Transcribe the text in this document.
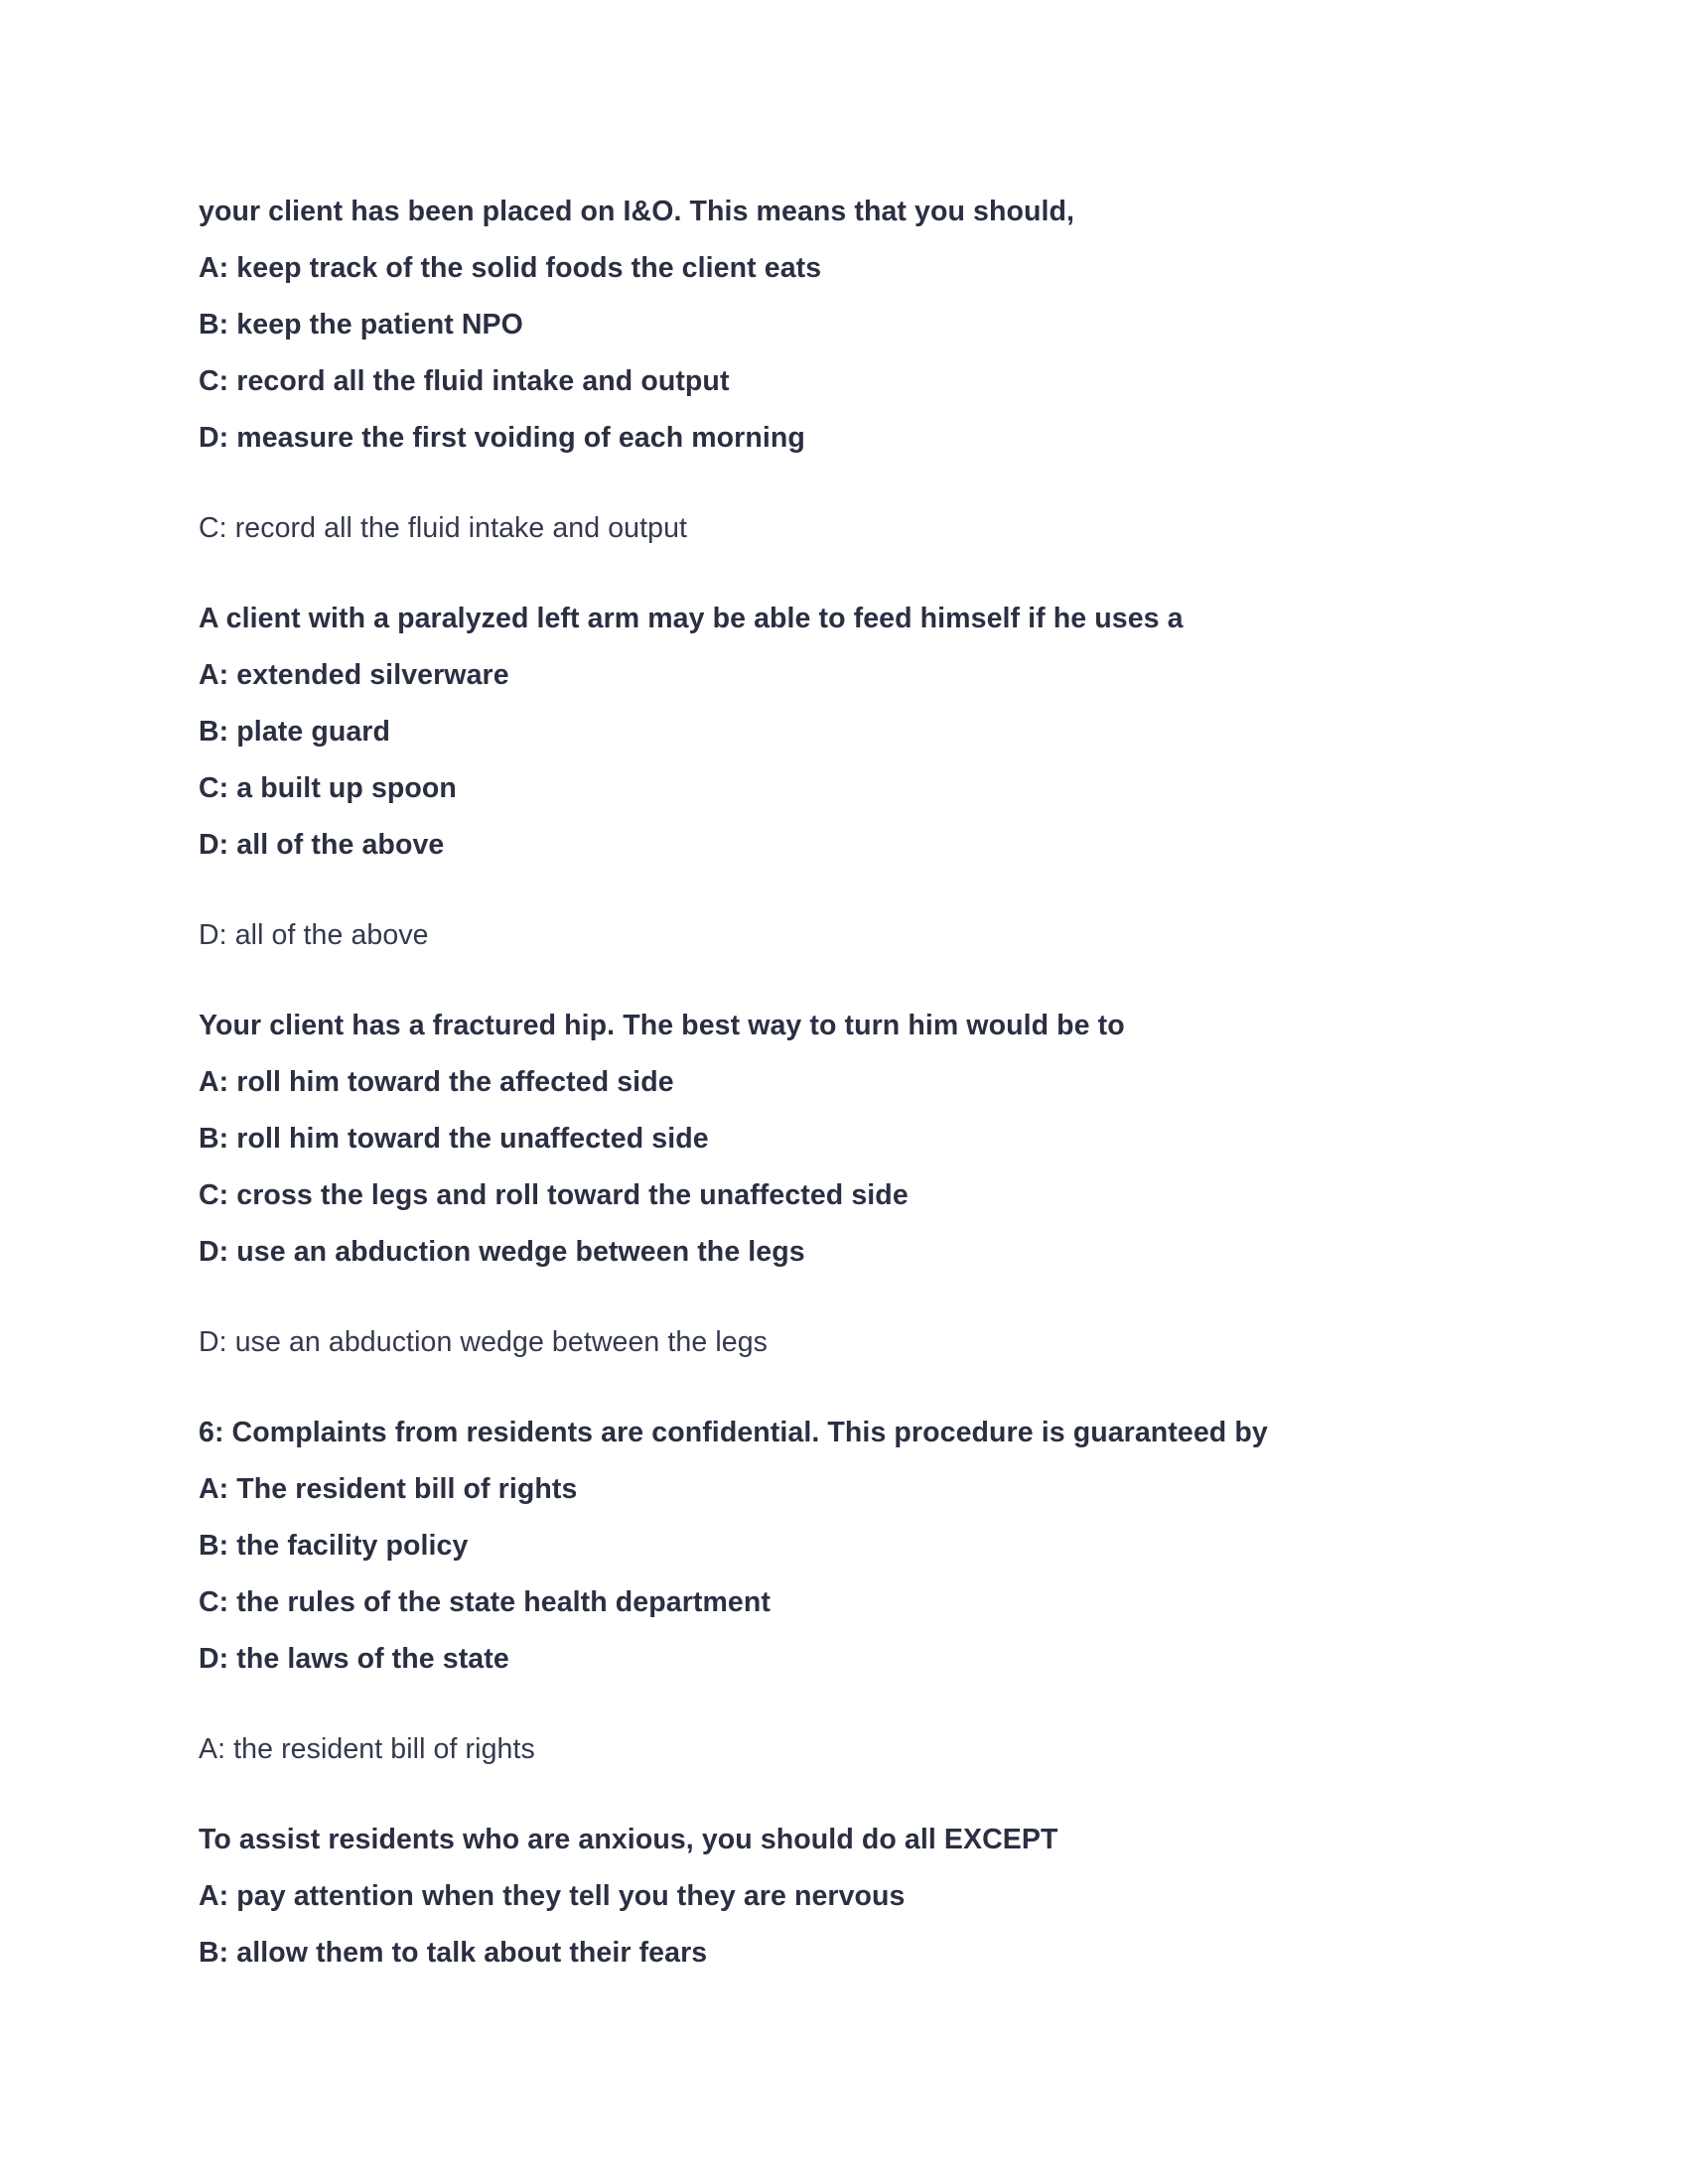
your client has been placed on I&O. This means that you should,
A: keep track of the solid foods the client eats
B: keep the patient NPO
C: record all the fluid intake and output
D: measure the first voiding of each morning
C: record all the fluid intake and output
A client with a paralyzed left arm may be able to feed himself if he uses a
A: extended silverware
B: plate guard
C: a built up spoon
D: all of the above
D: all of the above
Your client has a fractured hip. The best way to turn him would be to
A: roll him toward the affected side
B: roll him toward the unaffected side
C: cross the legs and roll toward the unaffected side
D: use an abduction wedge between the legs
D: use an abduction wedge between the legs
6: Complaints from residents are confidential. This procedure is guaranteed by
A: The resident bill of rights
B: the facility policy
C: the rules of the state health department
D: the laws of the state
A: the resident bill of rights
To assist residents who are anxious, you should do all EXCEPT
A: pay attention when they tell you they are nervous
B: allow them to talk about their fears
